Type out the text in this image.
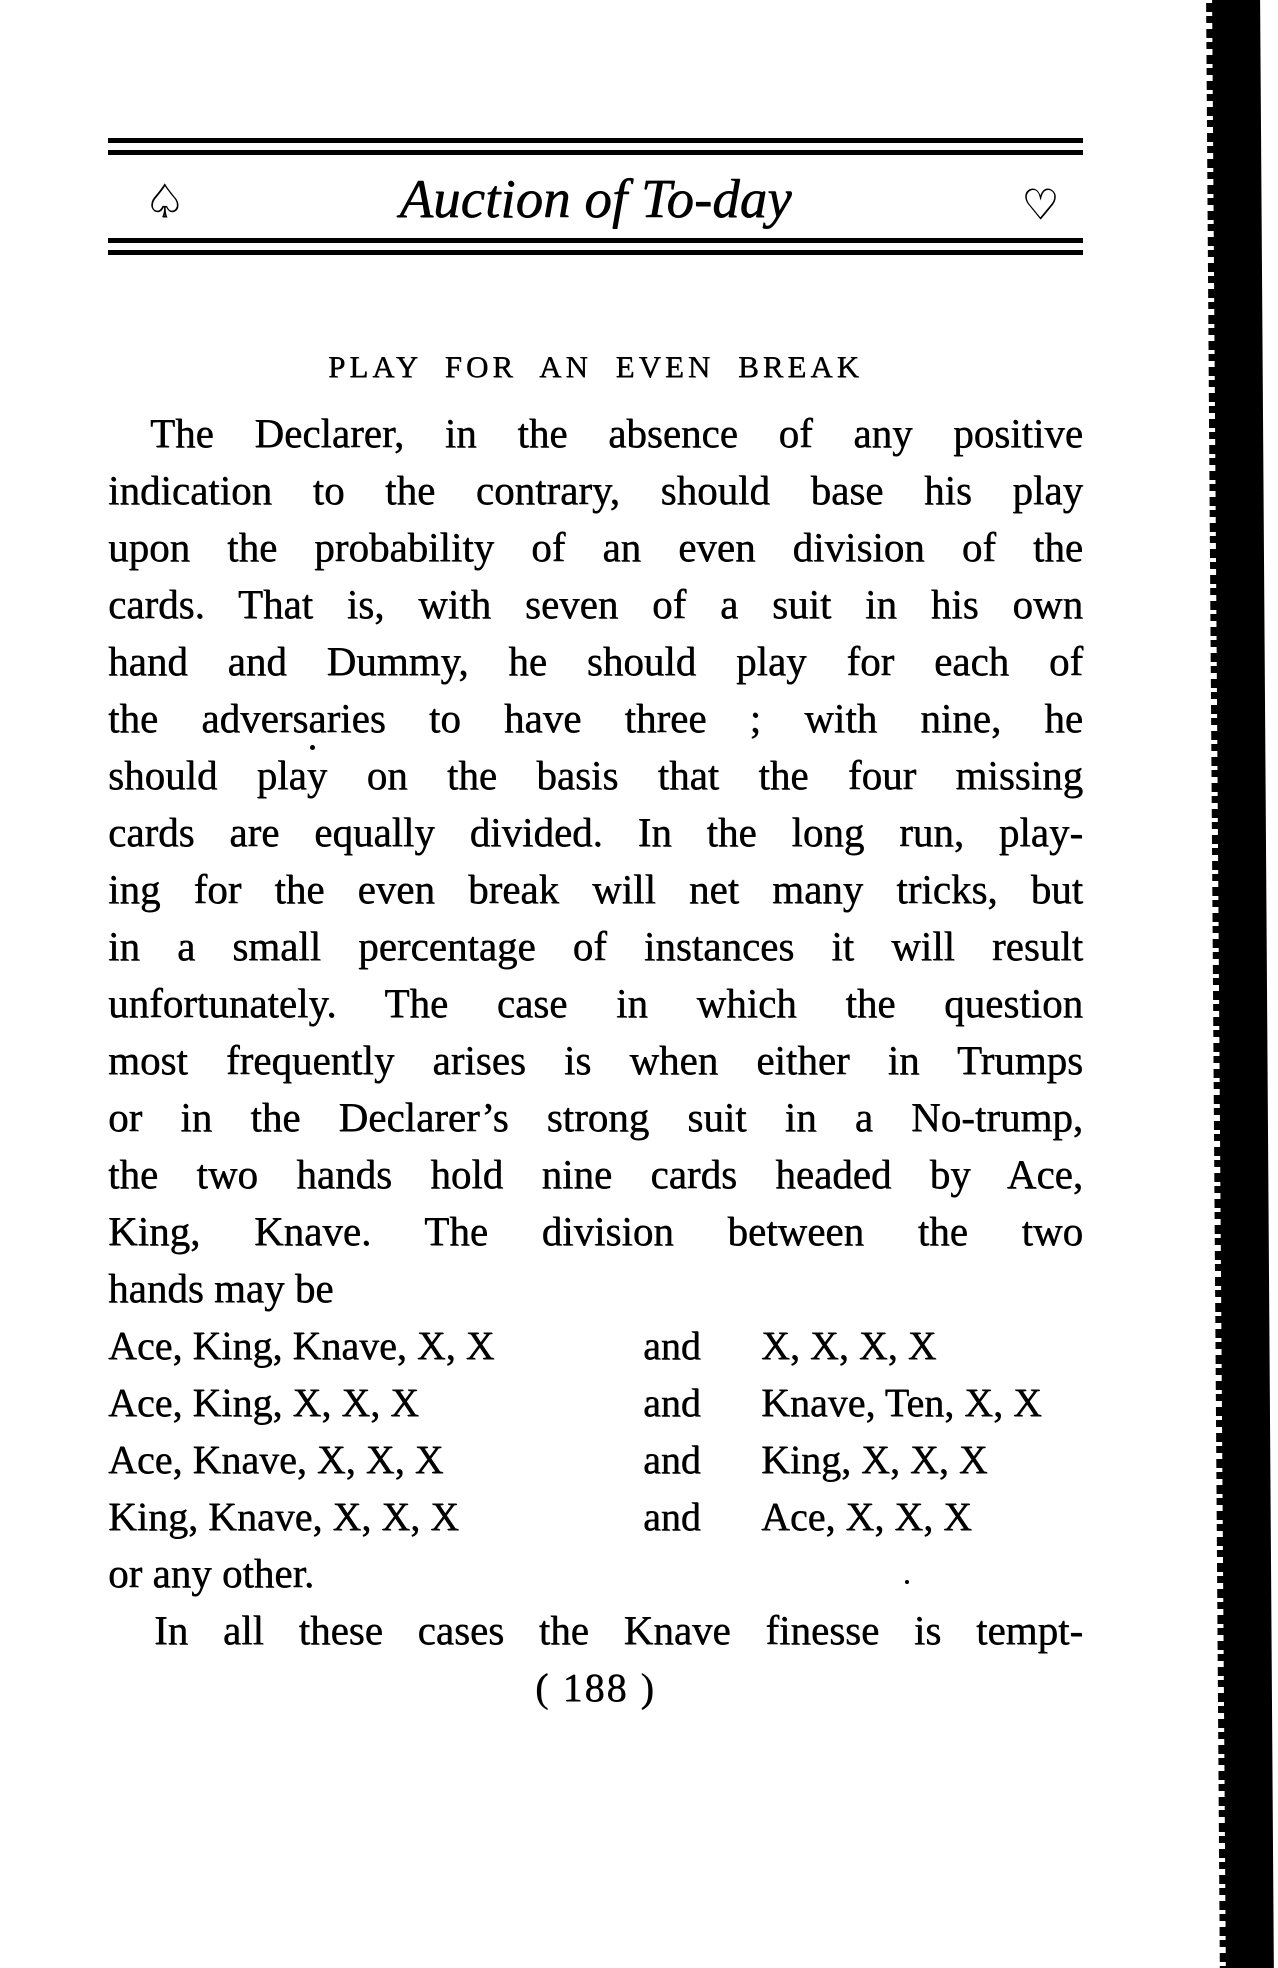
♤	Auction of To-day	♡
PLAY FOR AN EVEN BREAK
The Declarer, in the absence of any positive
indication to the contrary, should base his play
upon the probability of an even division of the
cards. That is, with seven of a suit in his own
hand and Dummy, he should play for each of
the adversaries to have three ; with nine, he
should play on the basis that the four missing
cards are equally divided. In the long run, play-
ing for the even break will net many tricks, but
in a small percentage of instances it will result
unfortunately. The case in which the question
most frequently arises is when either in Trumps
or in the Declarer’s strong suit in a No-trump,
the two hands hold nine cards headed by Ace,
King, Knave. The division between the two
hands may be
Ace, King, Knave, X, X	and	X, X, X, X
Ace, King, X, X, X	and	Knave, Ten, X, X
Ace, Knave, X, X, X	and	King, X, X, X
King, Knave, X, X, X	and	Ace, X, X, X
or any other.
In all these cases the Knave finesse is tempt-
( 188 )
